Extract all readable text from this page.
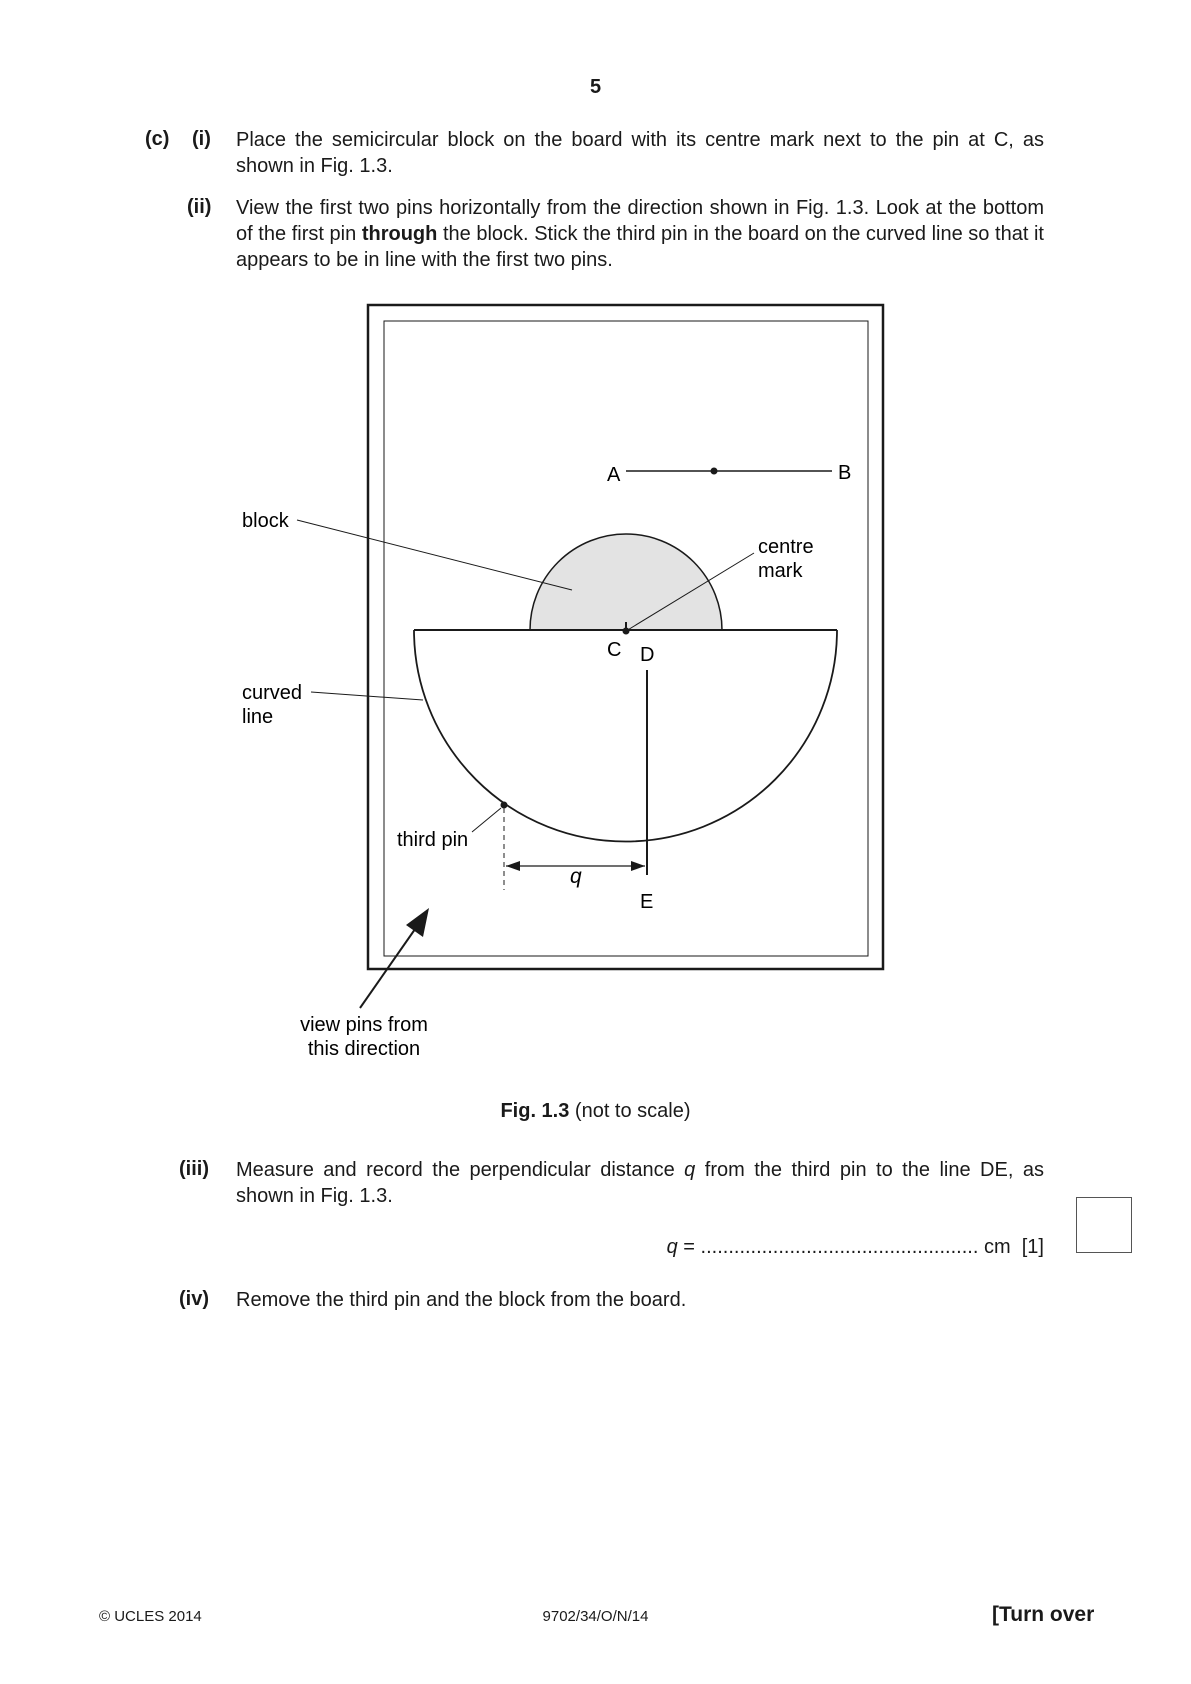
5
(c) (i) Place the semicircular block on the board with its centre mark next to the pin at C, as shown in Fig. 1.3.
(ii) View the first two pins horizontally from the direction shown in Fig. 1.3. Look at the bottom of the first pin through the block. Stick the third pin in the board on the curved line so that it appears to be in line with the first two pins.
A	B
centre
mark
block
C D
E
curved
line
third pin
q
view pins from
this direction
Fig. 1.3 (not to scale)
(iii) Measure and record the perpendicular distance q from the third pin to the line DE, as shown in Fig. 1.3.
q = .................................................. cm [1]
(iv) Remove the third pin and the block from the board.
© UCLES 2014	9702/34/O/N/14	[Turn over
